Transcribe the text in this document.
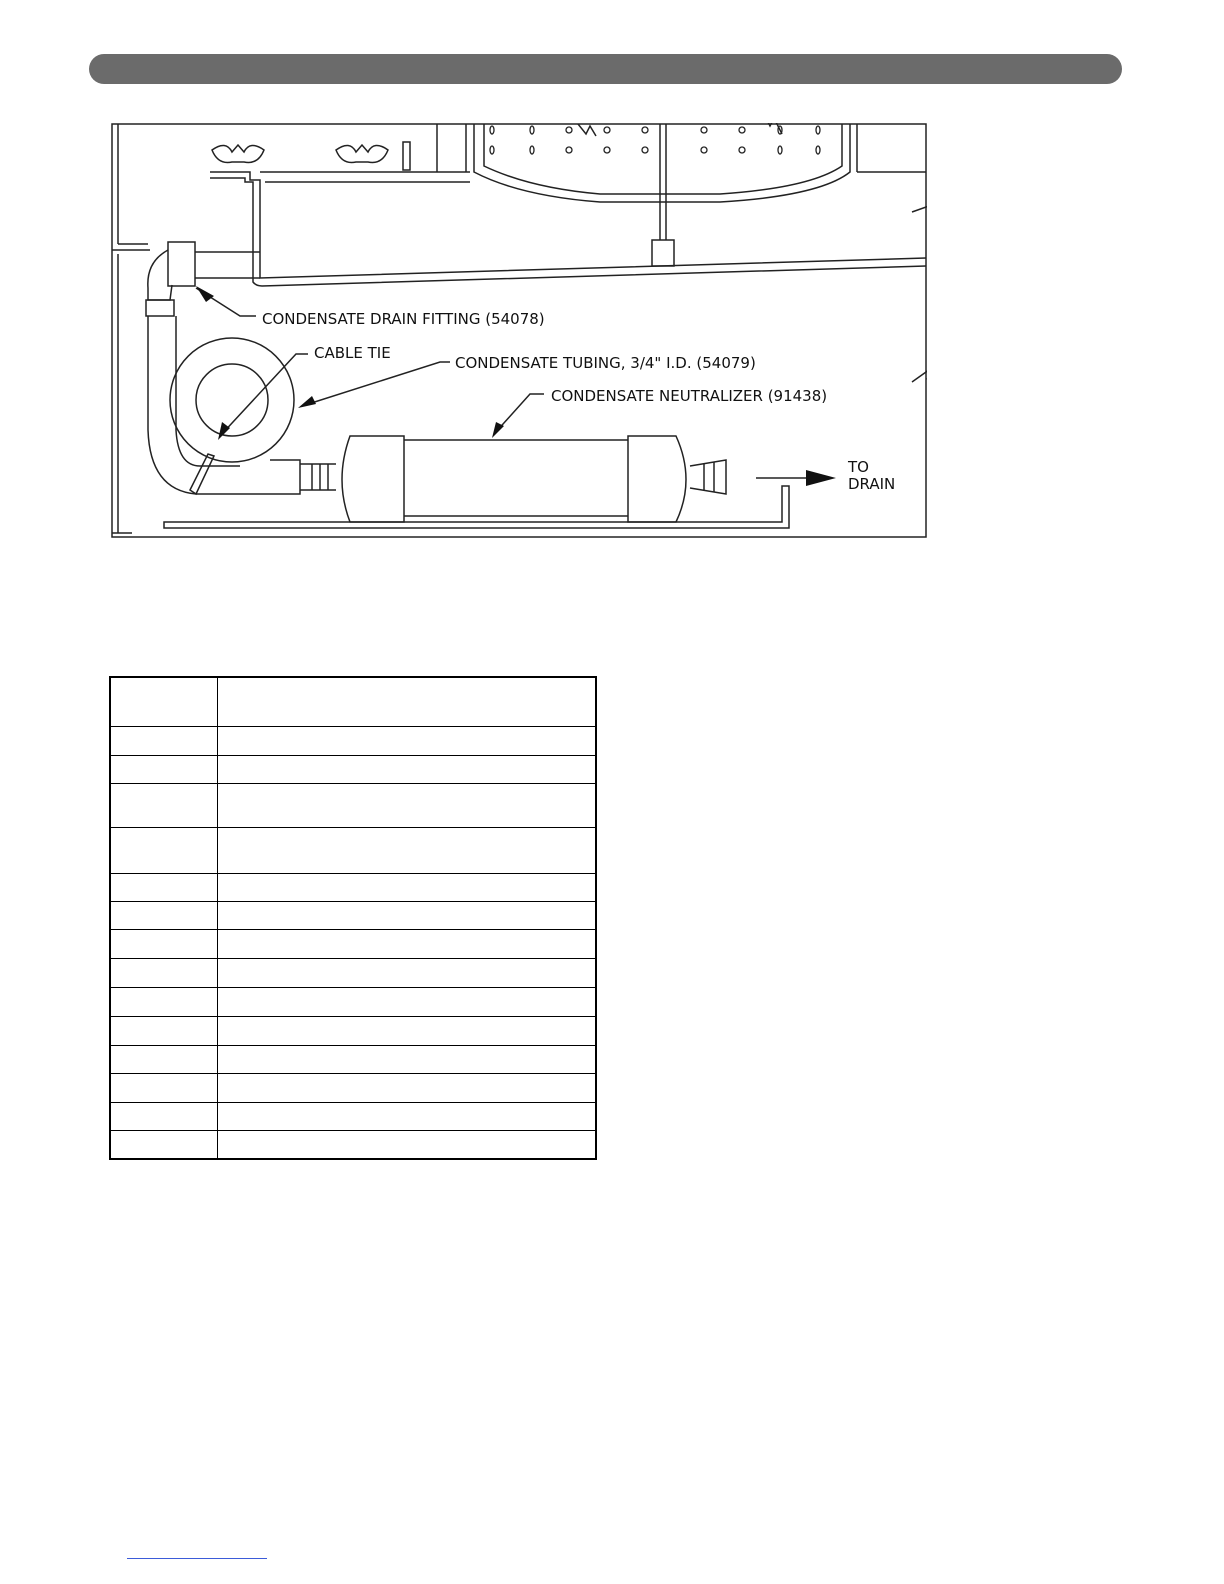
CONDENSATE DRAIN FITTING (54078)
CABLE TIE
CONDENSATE TUBING, 3/4" I.D. (54079)
CONDENSATE NEUTRALIZER (91438)
TO
DRAIN
